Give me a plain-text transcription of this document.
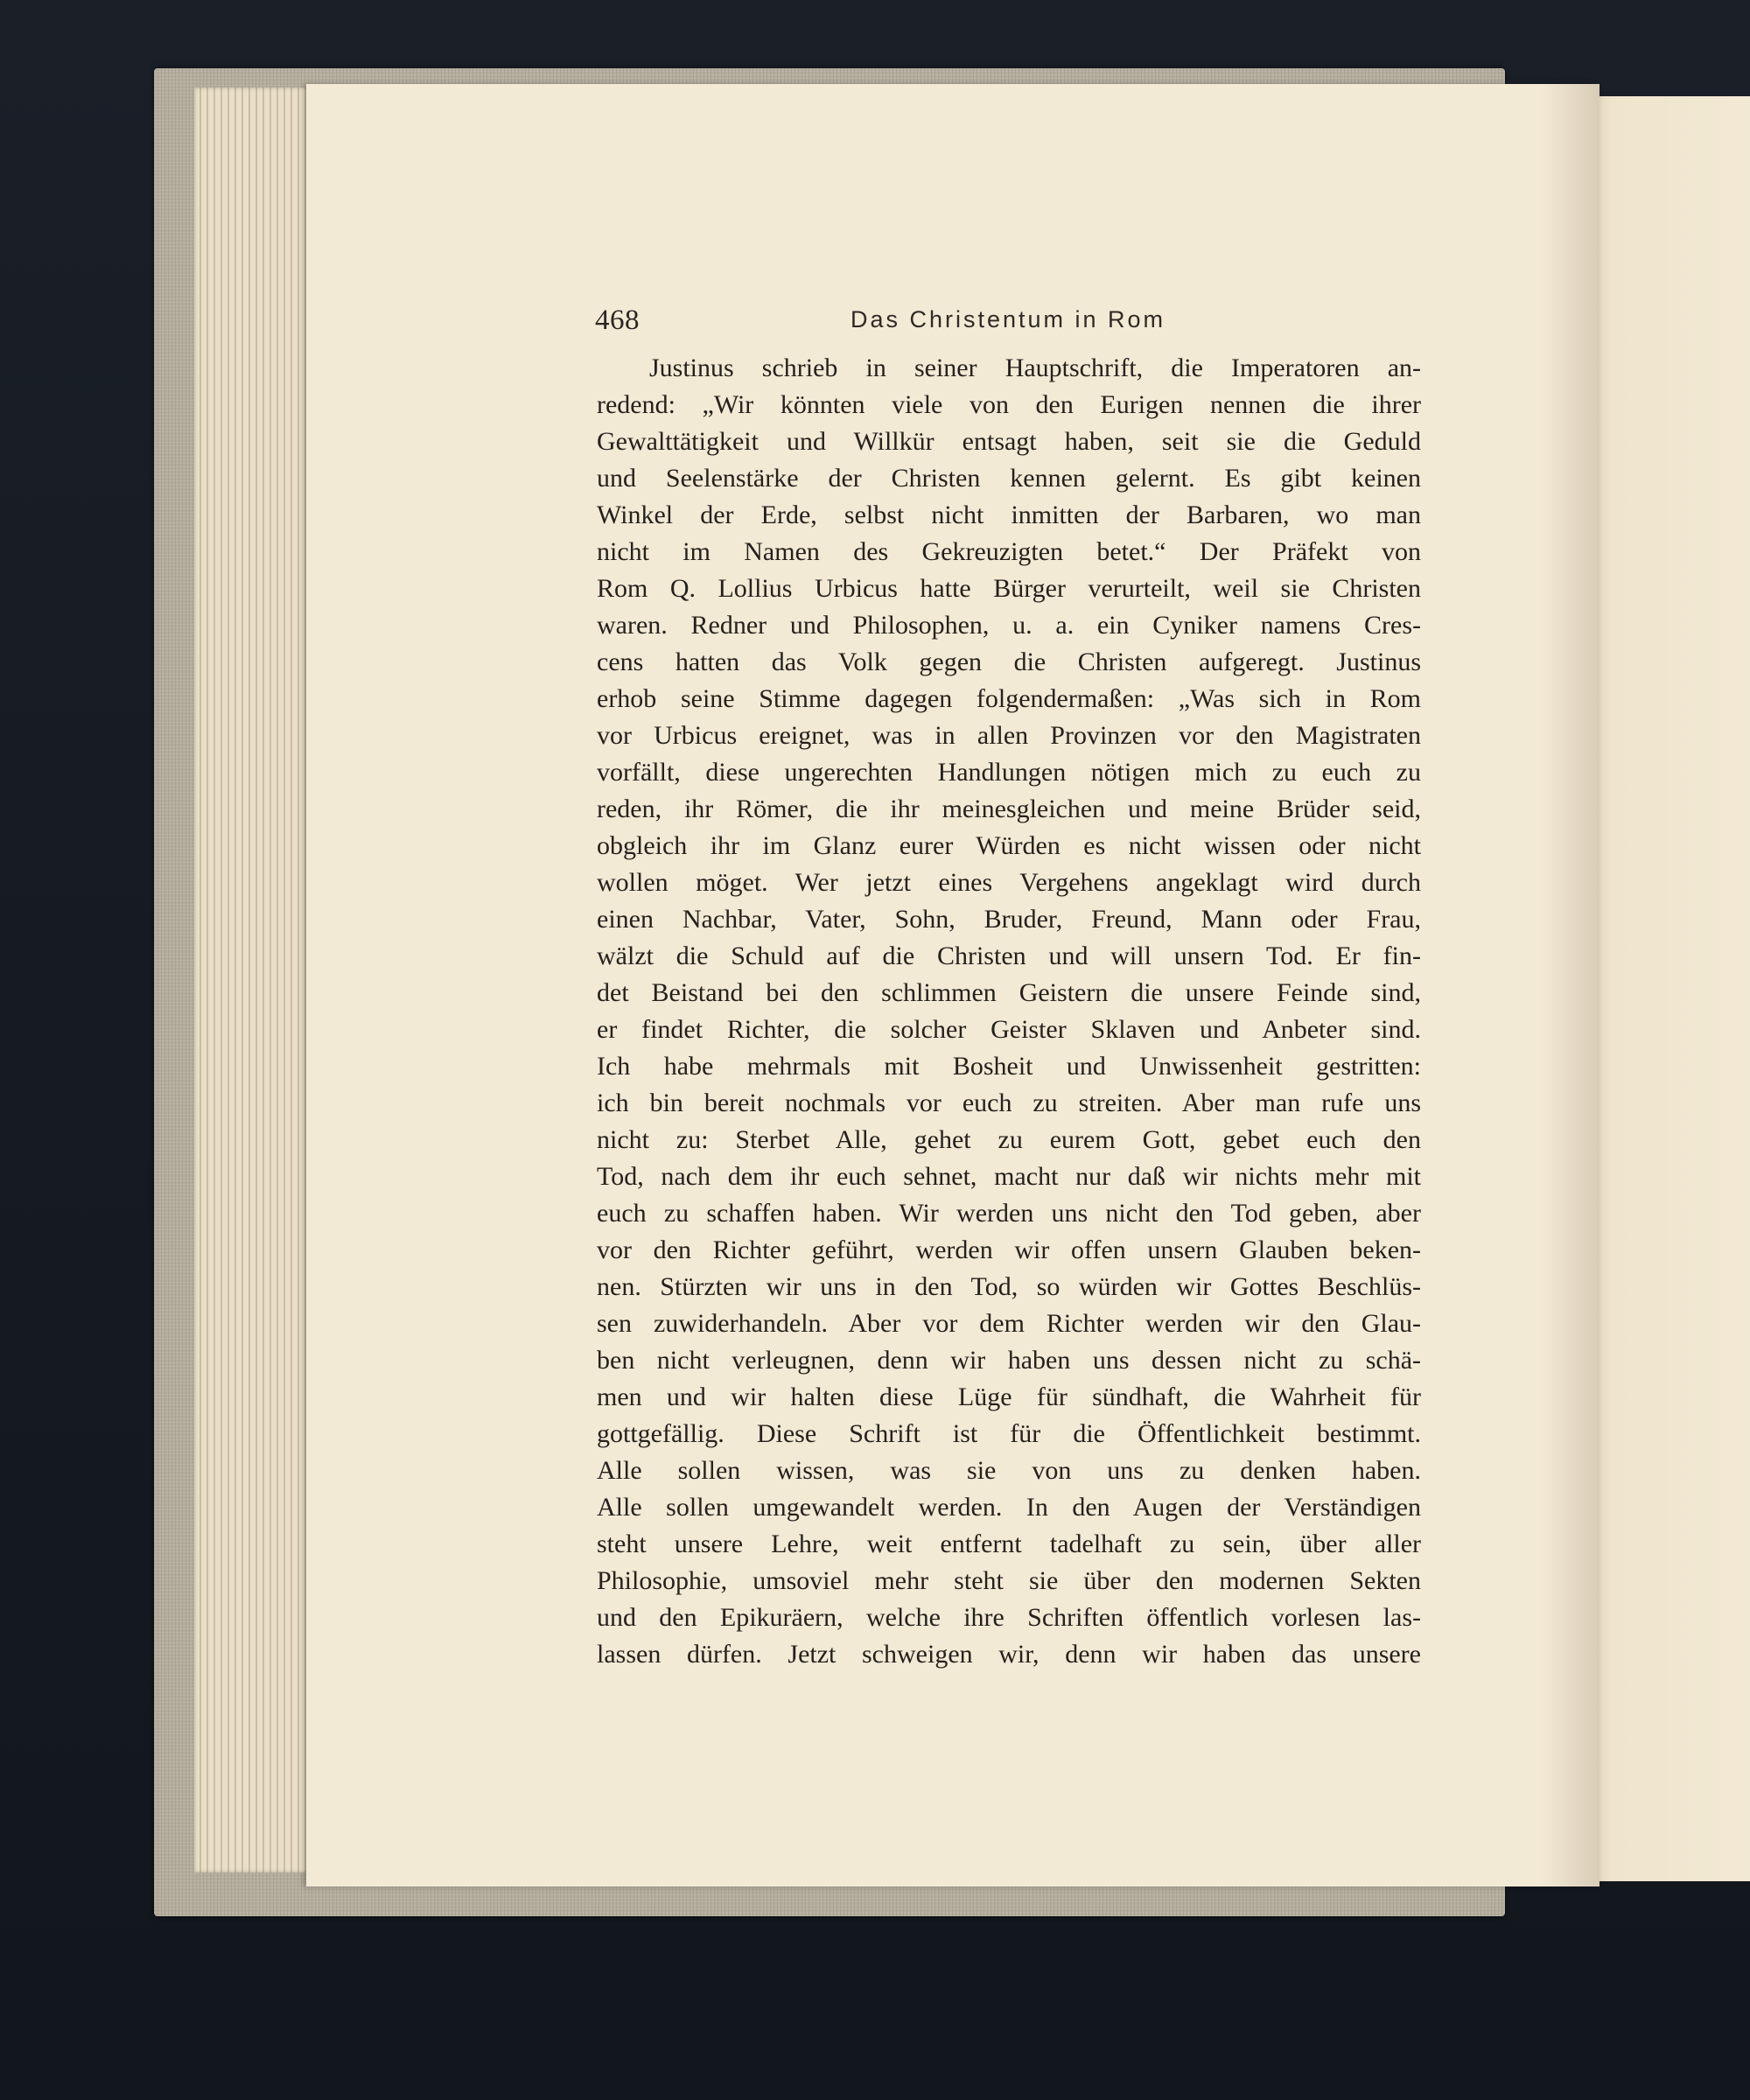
468	Das Christentum in Rom
Justinus schrieb in seiner Hauptschrift, die Imperatoren an-
redend: „Wir könnten viele von den Eurigen nennen die ihrer
Gewalttätigkeit und Willkür entsagt haben, seit sie die Geduld
und Seelenstärke der Christen kennen gelernt. Es gibt keinen
Winkel der Erde, selbst nicht inmitten der Barbaren, wo man
nicht im Namen des Gekreuzigten betet.“ Der Präfekt von
Rom Q. Lollius Urbicus hatte Bürger verurteilt, weil sie Christen
waren. Redner und Philosophen, u. a. ein Cyniker namens Cres-
cens hatten das Volk gegen die Christen aufgeregt. Justinus
erhob seine Stimme dagegen folgendermaßen: „Was sich in Rom
vor Urbicus ereignet, was in allen Provinzen vor den Magistraten
vorfällt, diese ungerechten Handlungen nötigen mich zu euch zu
reden, ihr Römer, die ihr meinesgleichen und meine Brüder seid,
obgleich ihr im Glanz eurer Würden es nicht wissen oder nicht
wollen möget. Wer jetzt eines Vergehens angeklagt wird durch
einen Nachbar, Vater, Sohn, Bruder, Freund, Mann oder Frau,
wälzt die Schuld auf die Christen und will unsern Tod. Er fin-
det Beistand bei den schlimmen Geistern die unsere Feinde sind,
er findet Richter, die solcher Geister Sklaven und Anbeter sind.
Ich habe mehrmals mit Bosheit und Unwissenheit gestritten:
ich bin bereit nochmals vor euch zu streiten. Aber man rufe uns
nicht zu: Sterbet Alle, gehet zu eurem Gott, gebet euch den
Tod, nach dem ihr euch sehnet, macht nur daß wir nichts mehr mit
euch zu schaffen haben. Wir werden uns nicht den Tod geben, aber
vor den Richter geführt, werden wir offen unsern Glauben beken-
nen. Stürzten wir uns in den Tod, so würden wir Gottes Beschlüs-
sen zuwiderhandeln. Aber vor dem Richter werden wir den Glau-
ben nicht verleugnen, denn wir haben uns dessen nicht zu schä-
men und wir halten diese Lüge für sündhaft, die Wahrheit für
gottgefällig. Diese Schrift ist für die Öffentlichkeit bestimmt.
Alle sollen wissen, was sie von uns zu denken haben.
Alle sollen umgewandelt werden. In den Augen der Verständigen
steht unsere Lehre, weit entfernt tadelhaft zu sein, über aller
Philosophie, umsoviel mehr steht sie über den modernen Sekten
und den Epikuräern, welche ihre Schriften öffentlich vorlesen las-
lassen dürfen. Jetzt schweigen wir, denn wir haben das unsere
